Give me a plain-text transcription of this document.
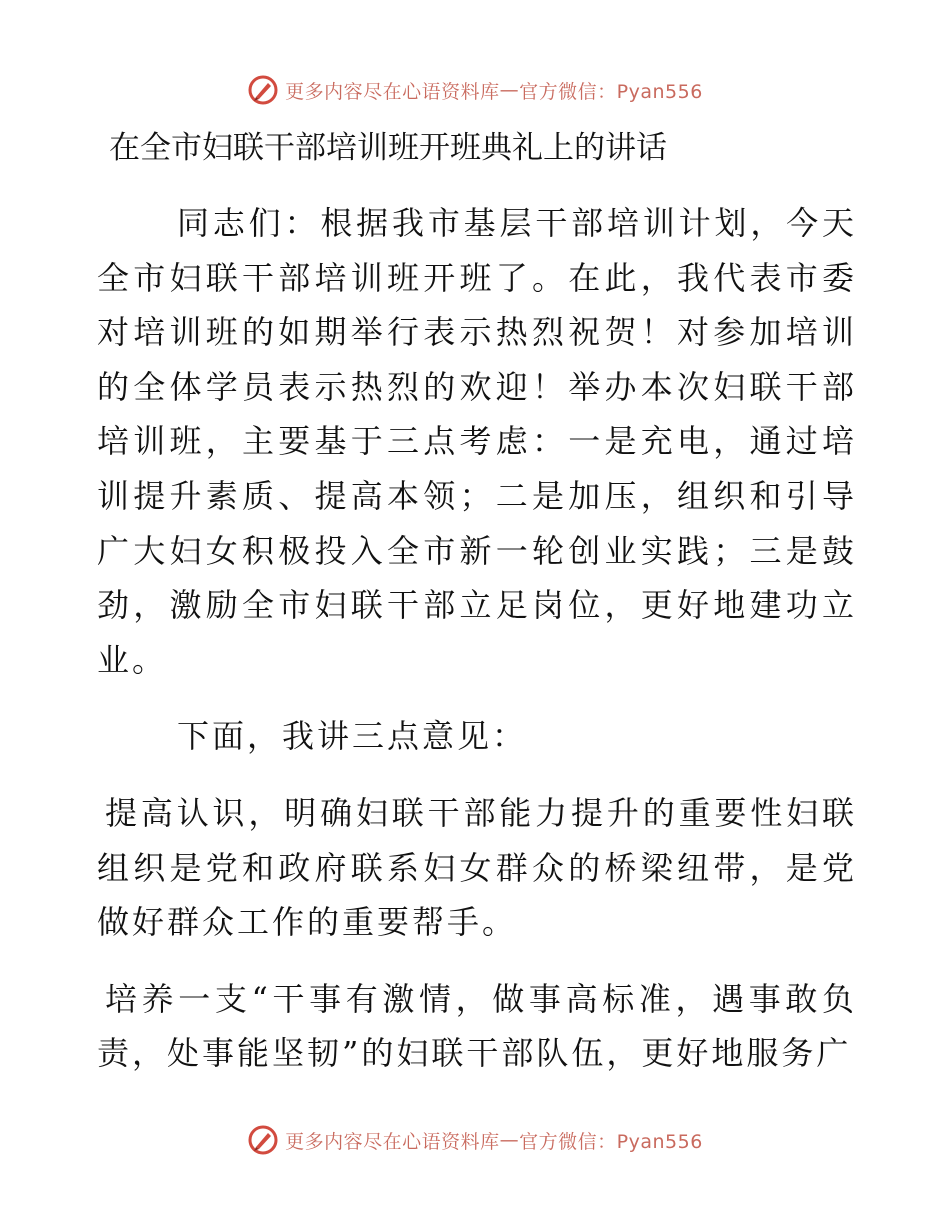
更多内容尽在心语资料库 — 官方微信：Pyan556
在全市妇联干部培训班开班典礼上的讲话

同志们：根据我市基层干部培训计划，今天全市妇联干部培训班开班了。在此，我代表市委对培训班的如期举行表示热烈祝贺！对参加培训的全体学员表示热烈的欢迎！举办本次妇联干部培训班，主要基于三点考虑：一是充电，通过培训提升素质、提高本领；二是加压，组织和引导广大妇女积极投入全市新一轮创业实践；三是鼓劲，激励全市妇联干部立足岗位，更好地建功立业。

下面，我讲三点意见：

提高认识，明确妇联干部能力提升的重要性妇联组织是党和政府联系妇女群众的桥梁纽带，是党做好群众工作的重要帮手。

培养一支“干事有激情，做事高标准，遇事敢负责，处事能坚韧”的妇联干部队伍，更好地服务广

更多内容尽在心语资料库 — 官方微信：Pyan556
